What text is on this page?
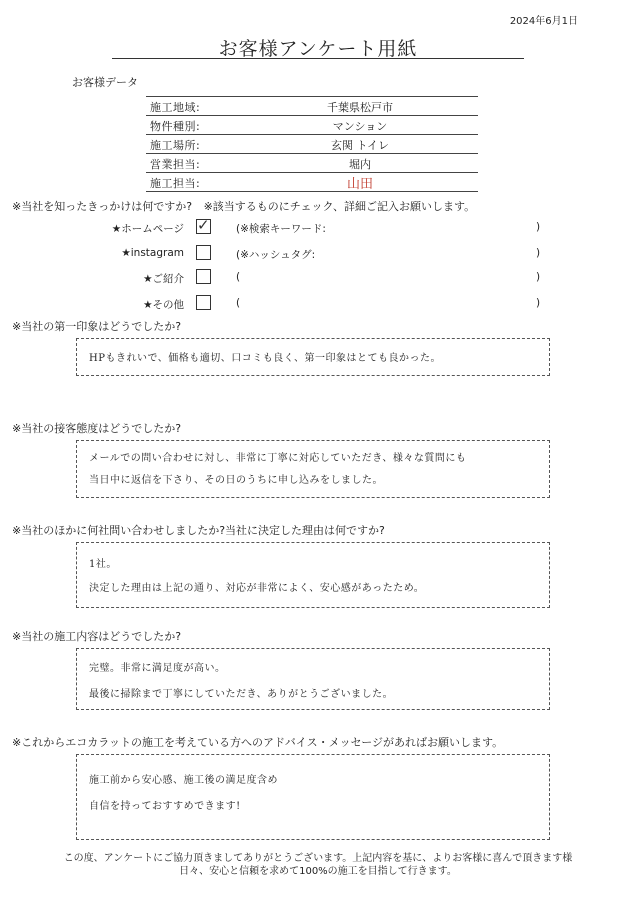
2024年6月1日
お客様アンケート用紙
お客様データ
施工地域:	千葉県松戸市
物件種別:	マンション
施工場所:	玄関 トイレ
営業担当:	堀内
施工担当:	山田
※当社を知ったきっかけは何ですか? ※該当するものにチェック、詳細ご記入お願いします。
★ホームページ ✓	(※検索キーワード:	)
★instagram	(※ハッシュタグ:	)
★ご紹介	(	)
★その他	(	)
※当社の第一印象はどうでしたか?
HPもきれいで、価格も適切、口コミも良く、第一印象はとても良かった。
※当社の接客態度はどうでしたか?
メールでの問い合わせに対し、非常に丁寧に対応していただき、様々な質問にも
当日中に返信を下さり、その日のうちに申し込みをしました。
※当社のほかに何社問い合わせしましたか?当社に決定した理由は何ですか?
1社。
決定した理由は上記の通り、対応が非常によく、安心感があったため。
※当社の施工内容はどうでしたか?
完璧。非常に満足度が高い。
最後に掃除まで丁寧にしていただき、ありがとうございました。
※これからエコカラットの施工を考えている方へのアドバイス・メッセージがあればお願いします。
施工前から安心感、施工後の満足度含め
自信を持っておすすめできます!
この度、アンケートにご協力頂きましてありがとうございます。上記内容を基に、よりお客様に喜んで頂きます様
日々、安心と信頼を求めて100%の施工を目指して行きます。
